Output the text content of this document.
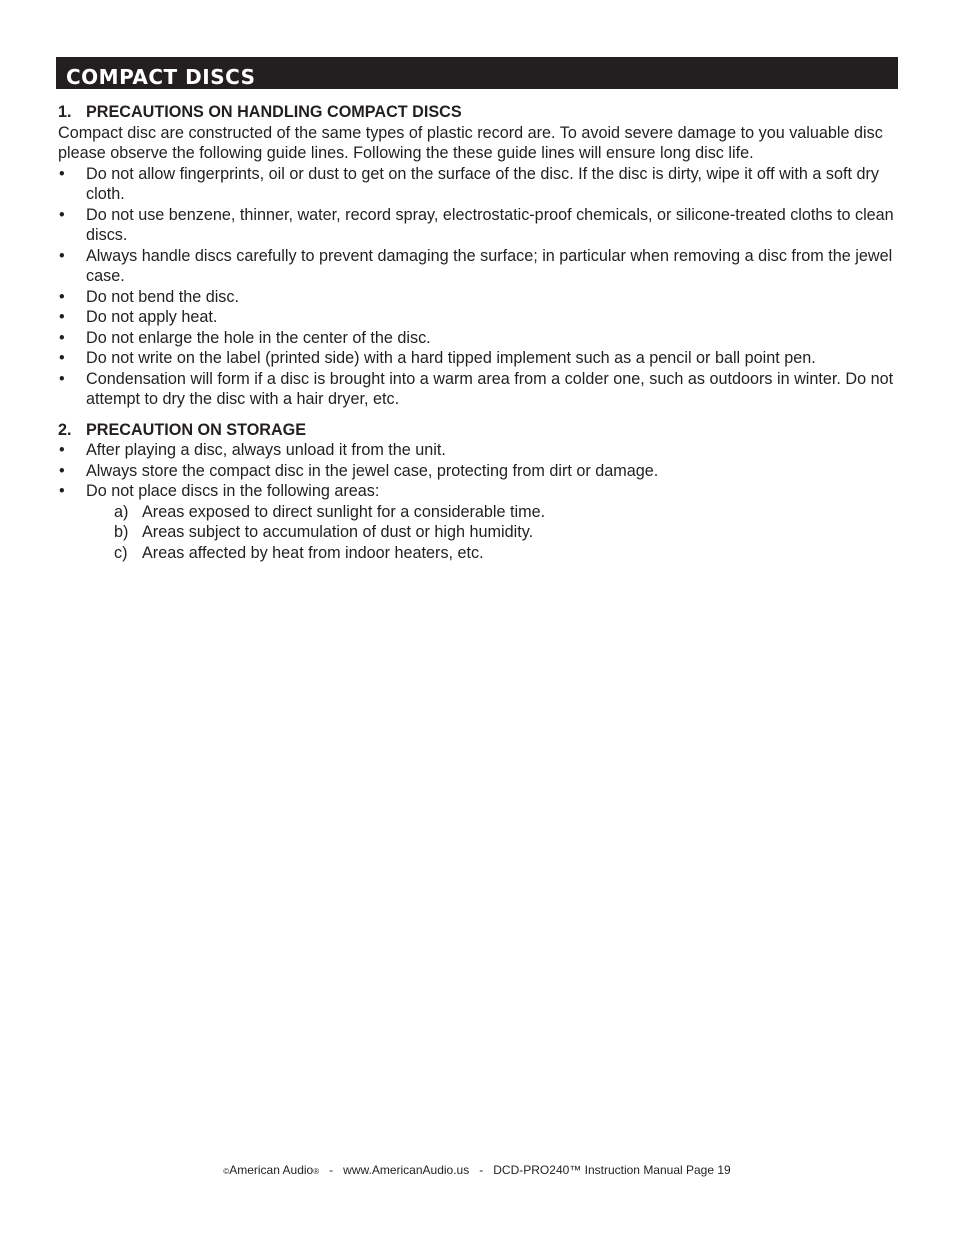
COMPACT DISCS
1. PRECAUTIONS ON HANDLING COMPACT DISCS

Compact disc are constructed of the same types of plastic record are. To avoid severe damage to you valuable disc please observe the following guide lines. Following the these guide lines will ensure long disc life.

•	Do not allow fingerprints, oil or dust to get on the surface of the disc. If the disc is dirty, wipe it off with a soft dry cloth.
•	Do not use benzene, thinner, water, record spray, electrostatic-proof chemicals, or silicone-treated cloths to clean discs.
•	Always handle discs carefully to prevent damaging the surface; in particular when removing a disc from the jewel case.
•	Do not bend the disc.
•	Do not apply heat.
•	Do not enlarge the hole in the center of the disc.
•	Do not write on the label (printed side) with a hard tipped implement such as a pencil or ball point pen.
•	Condensation will form if a disc is brought into a warm area from a colder one, such as outdoors in winter. Do not attempt to dry the disc with a hair dryer, etc.
2. PRECAUTION ON STORAGE
•	After playing a disc, always unload it from the unit.
•	Always store the compact disc in the jewel case, protecting from dirt or damage.
•	Do not place discs in the following areas:
a) Areas exposed to direct sunlight for a considerable time.
b) Areas subject to accumulation of dust or high humidity.
c) Areas affected by heat from indoor heaters, etc.
©American Audio® - www.AmericanAudio.us - DCD-PRO240™ Instruction Manual Page 19
